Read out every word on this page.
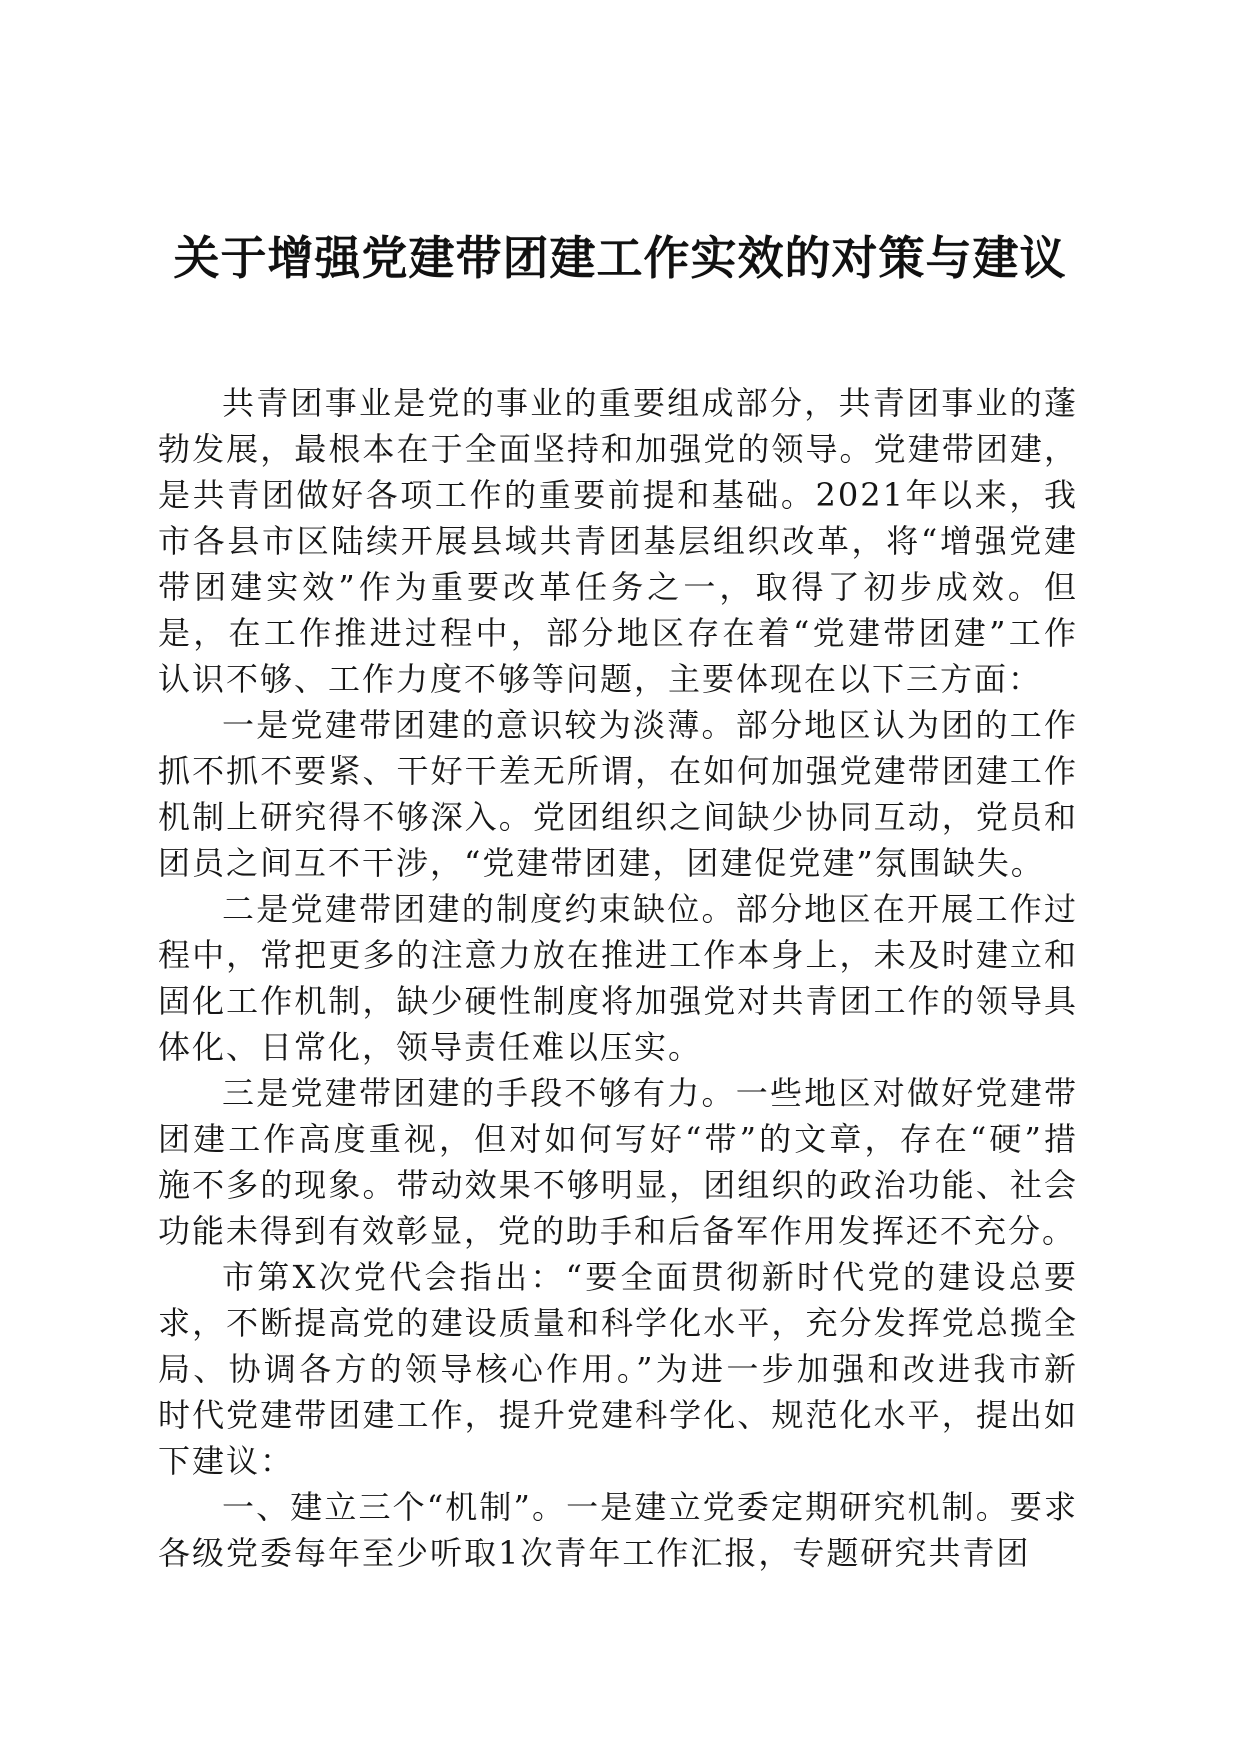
关于增强党建带团建工作实效的对策与建议

共青团事业是党的事业的重要组成部分，共青团事业的蓬勃发展，最根本在于全面坚持和加强党的领导。党建带团建，是共青团做好各项工作的重要前提和基础。2021年以来，我市各县市区陆续开展县域共青团基层组织改革，将“增强党建带团建实效”作为重要改革任务之一，取得了初步成效。但是，在工作推进过程中，部分地区存在着“党建带团建”工作认识不够、工作力度不够等问题，主要体现在以下三方面：

一是党建带团建的意识较为淡薄。部分地区认为团的工作抓不抓不要紧、干好干差无所谓，在如何加强党建带团建工作机制上研究得不够深入。党团组织之间缺少协同互动，党员和团员之间互不干涉，“党建带团建，团建促党建”氛围缺失。

二是党建带团建的制度约束缺位。部分地区在开展工作过程中，常把更多的注意力放在推进工作本身上，未及时建立和固化工作机制，缺少硬性制度将加强党对共青团工作的领导具体化、日常化，领导责任难以压实。

三是党建带团建的手段不够有力。一些地区对做好党建带团建工作高度重视，但对如何写好“带”的文章，存在“硬”措施不多的现象。带动效果不够明显，团组织的政治功能、社会功能未得到有效彰显，党的助手和后备军作用发挥还不充分。

市第X次党代会指出：“要全面贯彻新时代党的建设总要求，不断提高党的建设质量和科学化水平，充分发挥党总揽全局、协调各方的领导核心作用。”为进一步加强和改进我市新时代党建带团建工作，提升党建科学化、规范化水平，提出如下建议：

一、建立三个“机制”。一是建立党委定期研究机制。要求各级党委每年至少听取1次青年工作汇报，专题研究共青团
